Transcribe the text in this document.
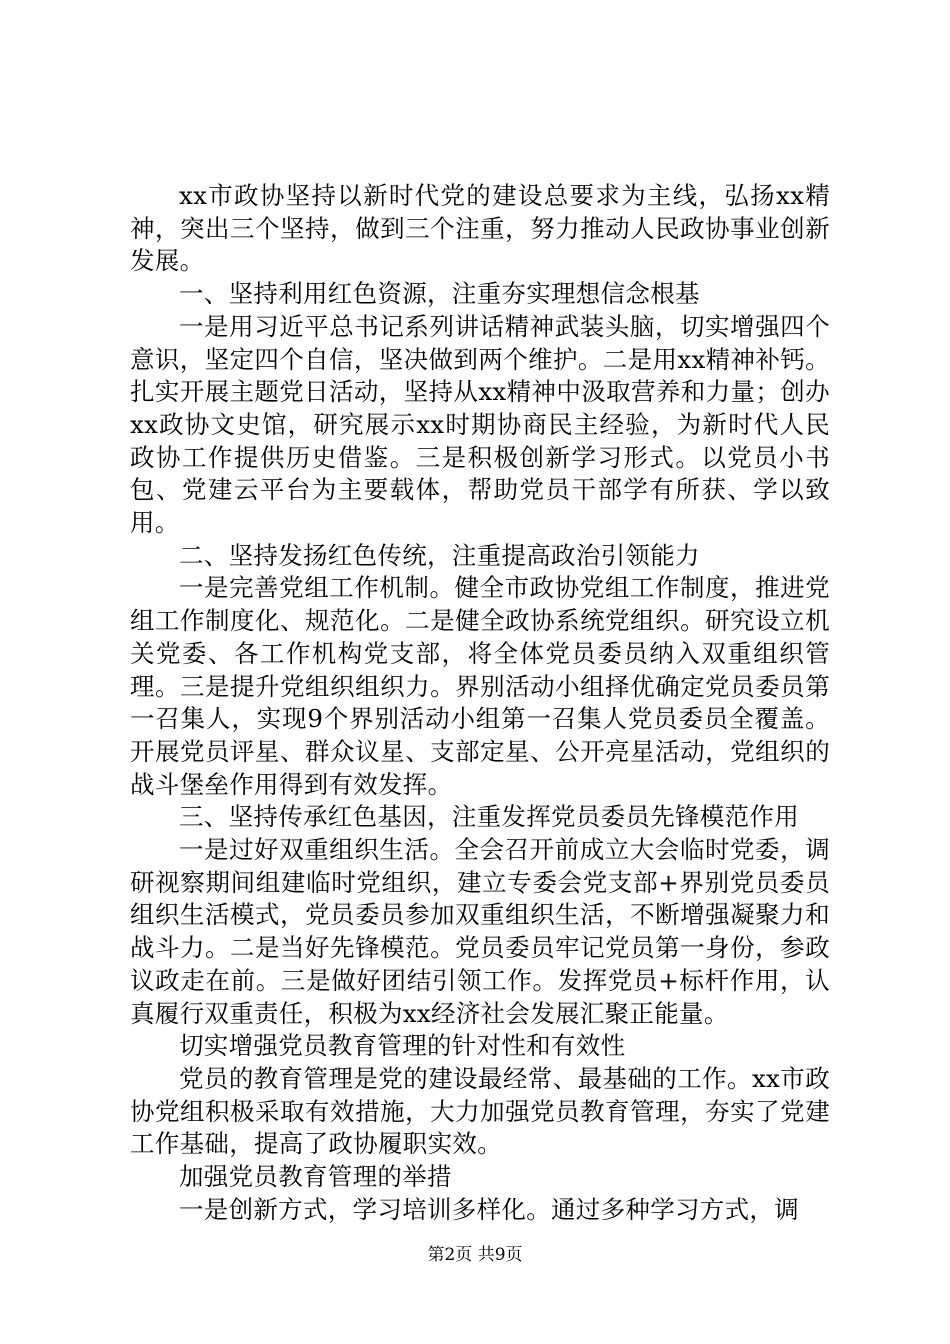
xx市政协坚持以新时代党的建设总要求为主线，弘扬xx精神，突出三个坚持，做到三个注重，努力推动人民政协事业创新发展。

一、坚持利用红色资源，注重夯实理想信念根基

一是用习近平总书记系列讲话精神武装头脑，切实增强四个意识，坚定四个自信，坚决做到两个维护。二是用xx精神补钙。扎实开展主题党日活动，坚持从xx精神中汲取营养和力量；创办xx政协文史馆，研究展示xx时期协商民主经验，为新时代人民政协工作提供历史借鉴。三是积极创新学习形式。以党员小书包、党建云平台为主要载体，帮助党员干部学有所获、学以致用。

二、坚持发扬红色传统，注重提高政治引领能力

一是完善党组工作机制。健全市政协党组工作制度，推进党组工作制度化、规范化。二是健全政协系统党组织。研究设立机关党委、各工作机构党支部，将全体党员委员纳入双重组织管理。三是提升党组织组织力。界别活动小组择优确定党员委员第一召集人，实现9个界别活动小组第一召集人党员委员全覆盖。开展党员评星、群众议星、支部定星、公开亮星活动，党组织的战斗堡垒作用得到有效发挥。

三、坚持传承红色基因，注重发挥党员委员先锋模范作用

一是过好双重组织生活。全会召开前成立大会临时党委，调研视察期间组建临时党组织，建立专委会党支部+界别党员委员组织生活模式，党员委员参加双重组织生活，不断增强凝聚力和战斗力。二是当好先锋模范。党员委员牢记党员第一身份，参政议政走在前。三是做好团结引领工作。发挥党员+标杆作用，认真履行双重责任，积极为xx经济社会发展汇聚正能量。

切实增强党员教育管理的针对性和有效性

党员的教育管理是党的建设最经常、最基础的工作。xx市政协党组积极采取有效措施，大力加强党员教育管理，夯实了党建工作基础，提高了政协履职实效。

加强党员教育管理的举措

一是创新方式，学习培训多样化。通过多种学习方式，调

第2页 共9页
